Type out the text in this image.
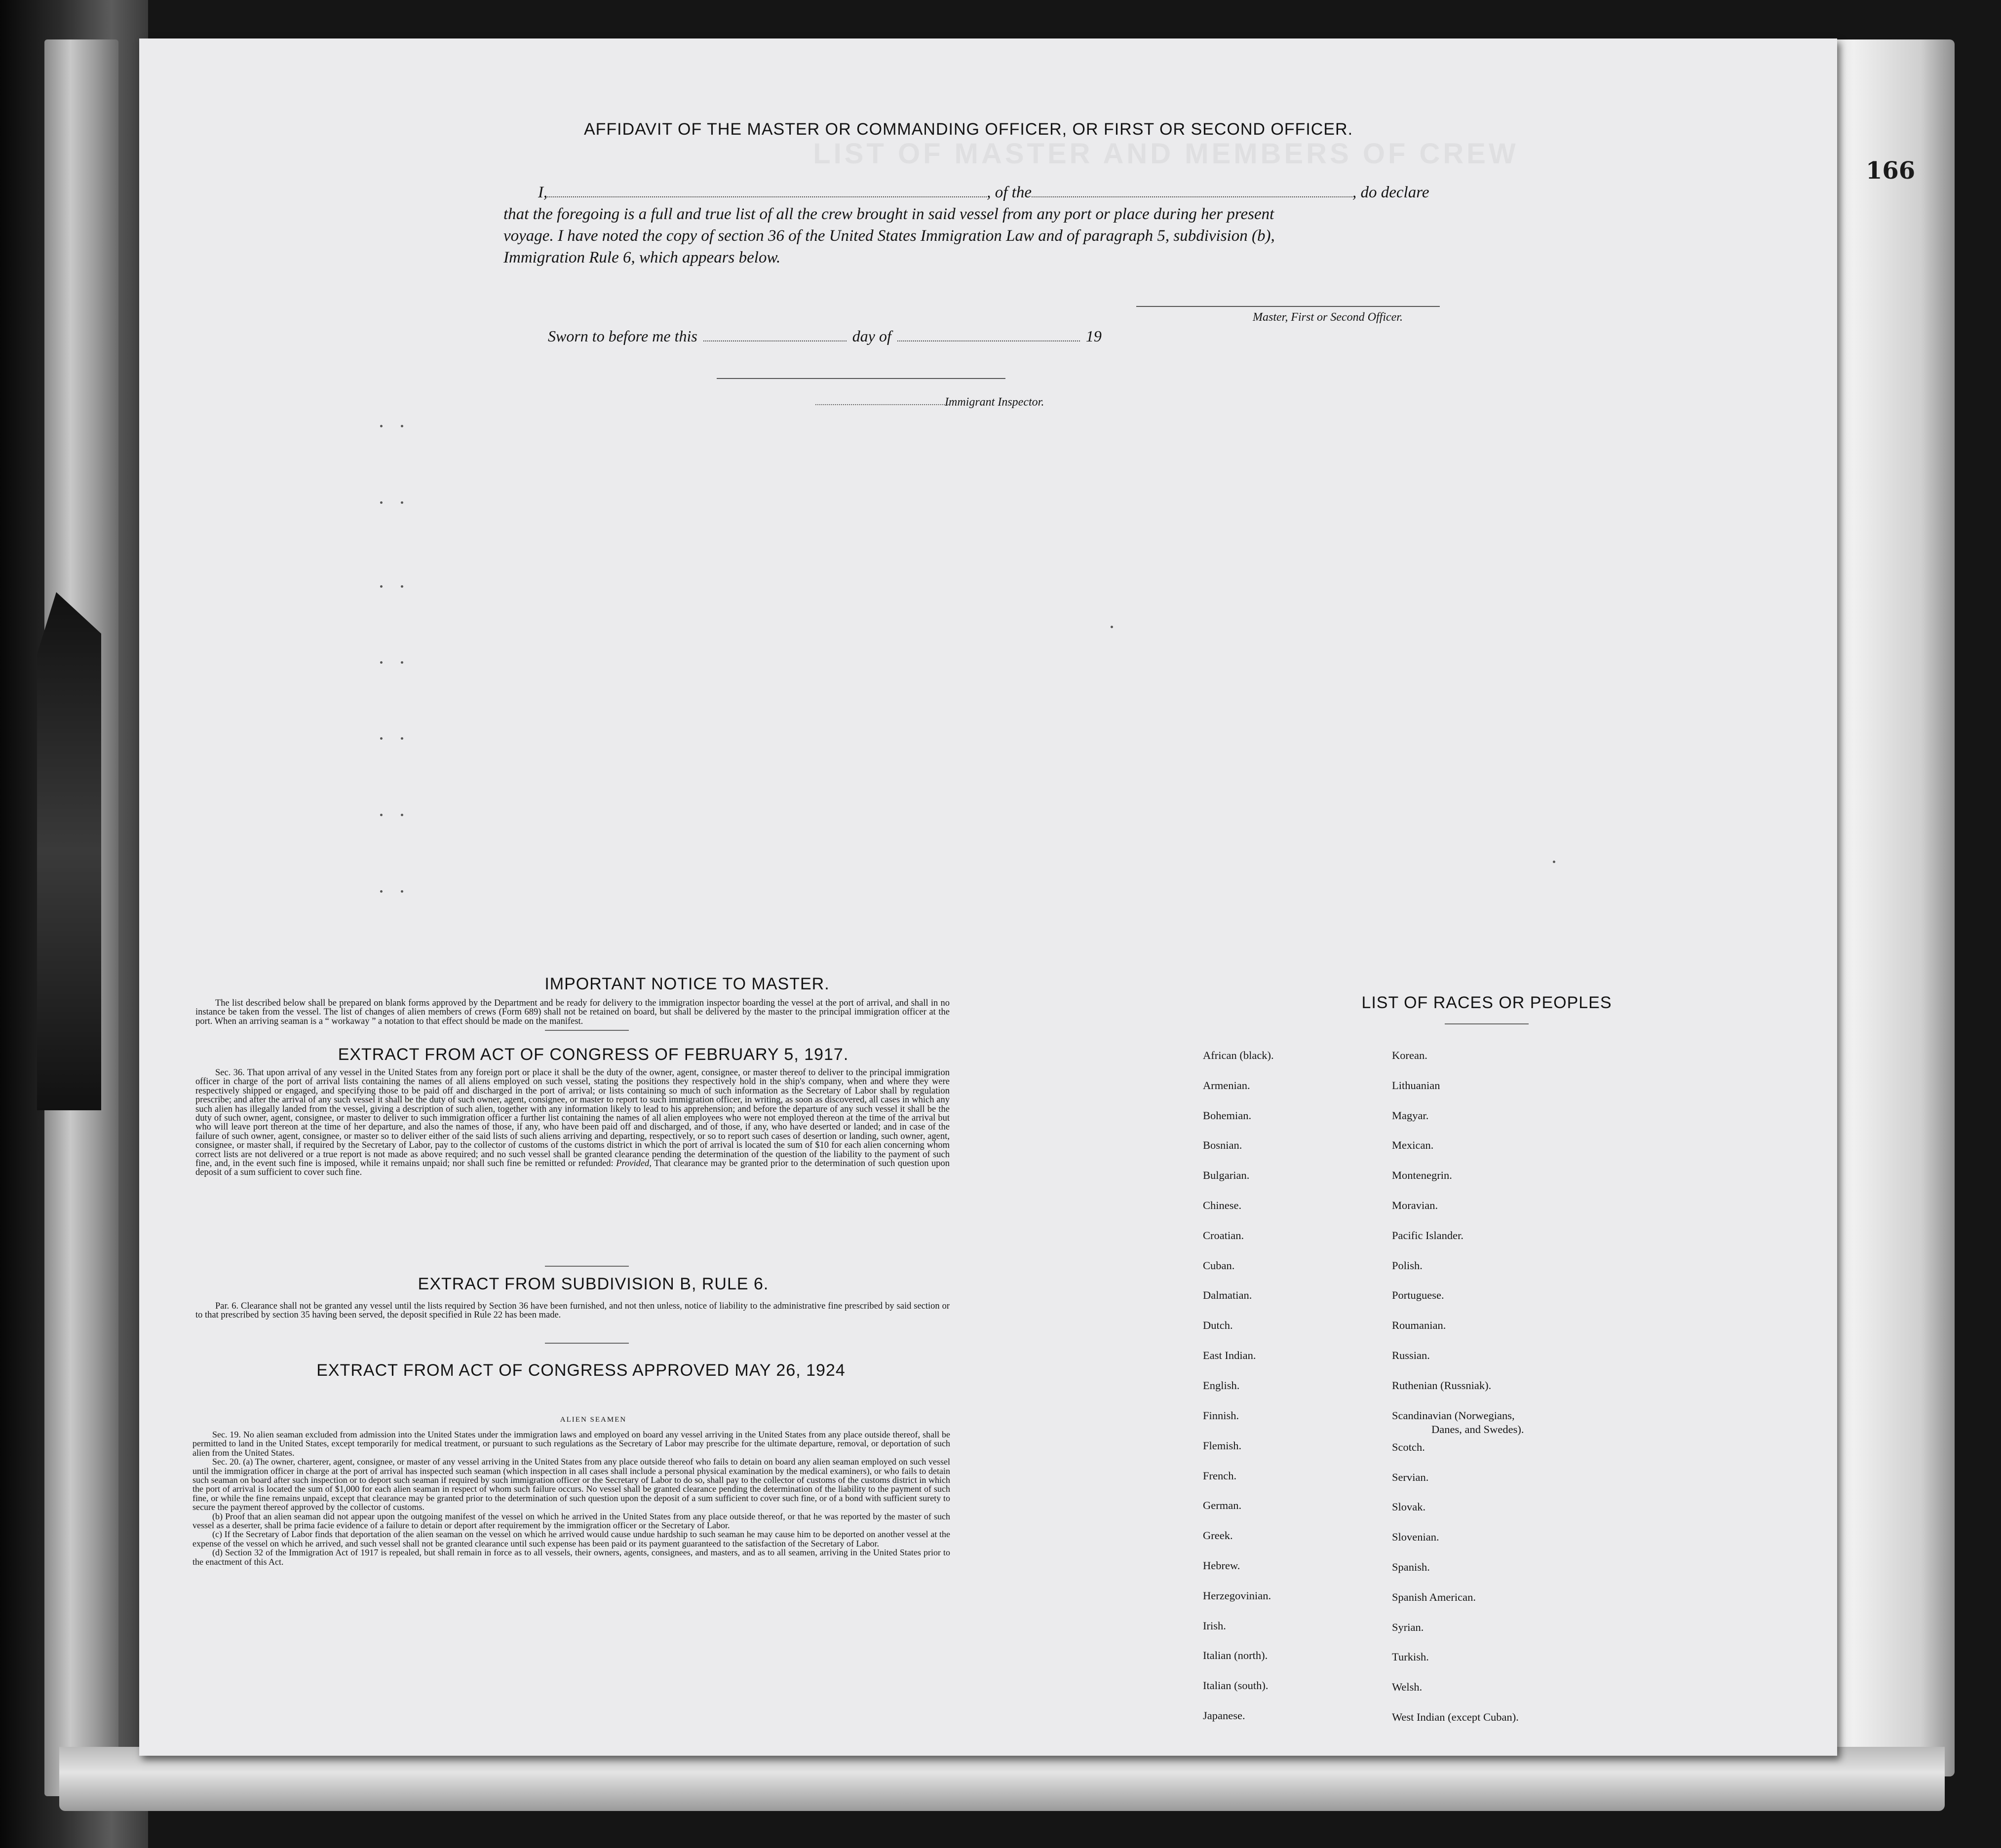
166
LIST OF MASTER AND MEMBERS OF CREW
AFFIDAVIT OF THE MASTER OR COMMANDING OFFICER, OR FIRST OR SECOND OFFICER.
I,	, of the	, do declare
that the foregoing is a full and true list of all the crew brought in said vessel from any port or place during her present
voyage. I have noted the copy of section 36 of the United States Immigration Law and of paragraph 5, subdivision (b),
Immigration Rule 6, which appears below.
Master, First or Second Officer.
Sworn to before me this	day of	19
Immigrant Inspector.
IMPORTANT NOTICE TO MASTER.

The list described below shall be prepared on blank forms approved by the Department and be ready for delivery to the immigration inspector boarding the vessel at the port of arrival, and shall in no instance be taken from the vessel. The list of changes of alien members of crews (Form 689) shall not be retained on board, but shall be delivered by the master to the principal immigration officer at the port. When an arriving seaman is a “ workaway ” a notation to that effect should be made on the manifest.

EXTRACT FROM ACT OF CONGRESS OF FEBRUARY 5, 1917.

Sec. 36. That upon arrival of any vessel in the United States from any foreign port or place it shall be the duty of the owner, agent, consignee, or master thereof to deliver to the principal immigration officer in charge of the port of arrival lists containing the names of all aliens employed on such vessel, stating the positions they respectively hold in the ship's company, when and where they were respectively shipped or engaged, and specifying those to be paid off and discharged in the port of arrival; or lists containing so much of such information as the Secretary of Labor shall by regulation prescribe; and after the arrival of any such vessel it shall be the duty of such owner, agent, consignee, or master to report to such immigration officer, in writing, as soon as discovered, all cases in which any such alien has illegally landed from the vessel, giving a description of such alien, together with any information likely to lead to his apprehension; and before the departure of any such vessel it shall be the duty of such owner, agent, consignee, or master to deliver to such immigration officer a further list containing the names of all alien employees who were not employed thereon at the time of the arrival but who will leave port thereon at the time of her departure, and also the names of those, if any, who have been paid off and discharged, and of those, if any, who have deserted or landed; and in case of the failure of such owner, agent, consignee, or master so to deliver either of the said lists of such aliens arriving and departing, respectively, or so to report such cases of desertion or landing, such owner, agent, consignee, or master shall, if required by the Secretary of Labor, pay to the collector of customs of the customs district in which the port of arrival is located the sum of $10 for each alien concerning whom correct lists are not delivered or a true report is not made as above required; and no such vessel shall be granted clearance pending the determination of the question of the liability to the payment of such fine, and, in the event such fine is imposed, while it remains unpaid; nor shall such fine be remitted or refunded: Provided, That clearance may be granted prior to the determination of such question upon deposit of a sum sufficient to cover such fine.

EXTRACT FROM SUBDIVISION B, RULE 6.

Par. 6. Clearance shall not be granted any vessel until the lists required by Section 36 have been furnished, and not then unless, notice of liability to the administrative fine prescribed by said section or to that prescribed by section 35 having been served, the deposit specified in Rule 22 has been made.

EXTRACT FROM ACT OF CONGRESS APPROVED MAY 26, 1924
ALIEN SEAMEN

Sec. 19. No alien seaman excluded from admission into the United States under the immigration laws and employed on board any vessel arriving in the United States from any place outside thereof, shall be permitted to land in the United States, except temporarily for medical treatment, or pursuant to such regulations as the Secretary of Labor may prescribe for the ultimate departure, removal, or deportation of such alien from the United States.

Sec. 20. (a) The owner, charterer, agent, consignee, or master of any vessel arriving in the United States from any place outside thereof who fails to detain on board any alien seaman employed on such vessel until the immigration officer in charge at the port of arrival has inspected such seaman (which inspection in all cases shall include a personal physical examination by the medical examiners), or who fails to detain such seaman on board after such inspection or to deport such seaman if required by such immigration officer or the Secretary of Labor to do so, shall pay to the collector of customs of the customs district in which the port of arrival is located the sum of $1,000 for each alien seaman in respect of whom such failure occurs. No vessel shall be granted clearance pending the determination of the liability to the payment of such fine, or while the fine remains unpaid, except that clearance may be granted prior to the determination of such question upon the deposit of a sum sufficient to cover such fine, or of a bond with sufficient surety to secure the payment thereof approved by the collector of customs.

(b) Proof that an alien seaman did not appear upon the outgoing manifest of the vessel on which he arrived in the United States from any place outside thereof, or that he was reported by the master of such vessel as a deserter, shall be prima facie evidence of a failure to detain or deport after requirement by the immigration officer or the Secretary of Labor.

(c) If the Secretary of Labor finds that deportation of the alien seaman on the vessel on which he arrived would cause undue hardship to such seaman he may cause him to be deported on another vessel at the expense of the vessel on which he arrived, and such vessel shall not be granted clearance until such expense has been paid or its payment guaranteed to the satisfaction of the Secretary of Labor.

(d) Section 32 of the Immigration Act of 1917 is repealed, but shall remain in force as to all vessels, their owners, agents, consignees, and masters, and as to all seamen, arriving in the United States prior to the enactment of this Act.

LIST OF RACES OR PEOPLES
African (black).
Armenian.
Bohemian.
Bosnian.
Bulgarian.
Chinese.
Croatian.
Cuban.
Dalmatian.
Dutch.
East Indian.
English.
Finnish.
Flemish.
French.
German.
Greek.
Hebrew.
Herzegovinian.
Irish.
Italian (north).
Italian (south).
Japanese.
Korean.
Lithuanian
Magyar.
Mexican.
Montenegrin.
Moravian.
Pacific Islander.
Polish.
Portuguese.
Roumanian.
Russian.
Ruthenian (Russniak).
Scandinavian (Norwegians,
Danes, and Swedes).
Scotch.
Servian.
Slovak.
Slovenian.
Spanish.
Spanish American.
Syrian.
Turkish.
Welsh.
West Indian (except Cuban).
